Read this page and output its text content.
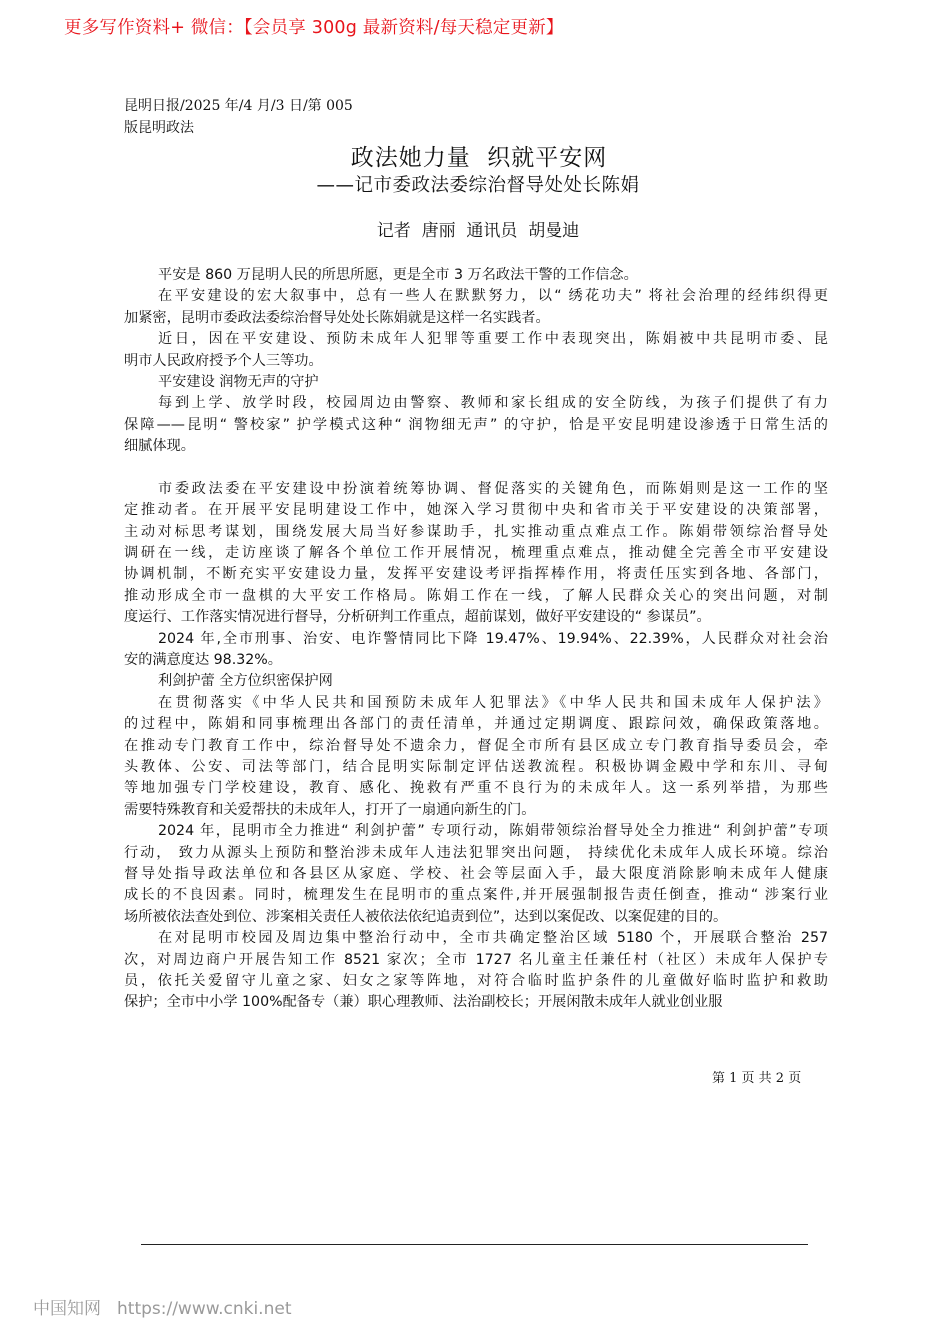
更多写作资料+ 微信：【会员享 300g 最新资料/每天稳定更新】
昆明日报/2025 年/4 月/3 日/第 005
版昆明政法
政法她力量  织就平安网
——记市委政法委综治督导处处长陈娟
记者  唐丽  通讯员  胡曼迪
平安是 860 万昆明人民的所思所愿，更是全市 3 万名政法干警的工作信念。
在平安建设的宏大叙事中，总有一些人在默默努力，以“ 绣花功夫” 将社会治理的经纬织得更
加紧密，昆明市委政法委综治督导处处长陈娟就是这样一名实践者。
近日，因在平安建设、预防未成年人犯罪等重要工作中表现突出，陈娟被中共昆明市委、昆
明市人民政府授予个人三等功。
平安建设 润物无声的守护
每到上学、放学时段，校园周边由警察、教师和家长组成的安全防线，为孩子们提供了有力
保障——昆明“ 警校家” 护学模式这种“ 润物细无声” 的守护，恰是平安昆明建设渗透于日常生活的
细腻体现。
市委政法委在平安建设中扮演着统筹协调、督促落实的关键角色，而陈娟则是这一工作的坚
定推动者。在开展平安昆明建设工作中，她深入学习贯彻中央和省市关于平安建设的决策部署，
主动对标思考谋划，围绕发展大局当好参谋助手，扎实推动重点难点工作。陈娟带领综治督导处
调研在一线，走访座谈了解各个单位工作开展情况，梳理重点难点，推动健全完善全市平安建设
协调机制，不断充实平安建设力量，发挥平安建设考评指挥棒作用，将责任压实到各地、各部门，
推动形成全市一盘棋的大平安工作格局。陈娟工作在一线，了解人民群众关心的突出问题，对制
度运行、工作落实情况进行督导，分析研判工作重点，超前谋划，做好平安建设的“ 参谋员”。
2024 年,全市刑事、治安、电诈警情同比下降 19.47%、19.94%、22.39%，人民群众对社会治
安的满意度达 98.32%。
利剑护蕾 全方位织密保护网
在贯彻落实《中华人民共和国预防未成年人犯罪法》《中华人民共和国未成年人保护法》
的过程中，陈娟和同事梳理出各部门的责任清单，并通过定期调度、跟踪问效，确保政策落地。
在推动专门教育工作中，综治督导处不遗余力，督促全市所有县区成立专门教育指导委员会，牵
头教体、公安、司法等部门，结合昆明实际制定评估送教流程。积极协调金殿中学和东川、寻甸
等地加强专门学校建设，教育、感化、挽救有严重不良行为的未成年人。这一系列举措，为那些
需要特殊教育和关爱帮扶的未成年人，打开了一扇通向新生的门。
2024 年，昆明市全力推进“ 利剑护蕾” 专项行动，陈娟带领综治督导处全力推进“ 利剑护蕾”专项
行动， 致力从源头上预防和整治涉未成年人违法犯罪突出问题， 持续优化未成年人成长环境。综治
督导处指导政法单位和各县区从家庭、学校、社会等层面入手，最大限度消除影响未成年人健康
成长的不良因素。同时，梳理发生在昆明市的重点案件,并开展强制报告责任倒查，推动“ 涉案行业
场所被依法查处到位、涉案相关责任人被依法依纪追责到位”，达到以案促改、以案促建的目的。
在对昆明市校园及周边集中整治行动中，全市共确定整治区域 5180 个，开展联合整治 257
次，对周边商户开展告知工作 8521 家次；全市 1727 名儿童主任兼任村（社区）未成年人保护专
员，依托关爱留守儿童之家、妇女之家等阵地，对符合临时监护条件的儿童做好临时监护和救助
保护；全市中小学 100%配备专（兼）职心理教师、法治副校长；开展闲散未成年人就业创业服
第 1 页 共 2 页
中国知网 https://www.cnki.net
